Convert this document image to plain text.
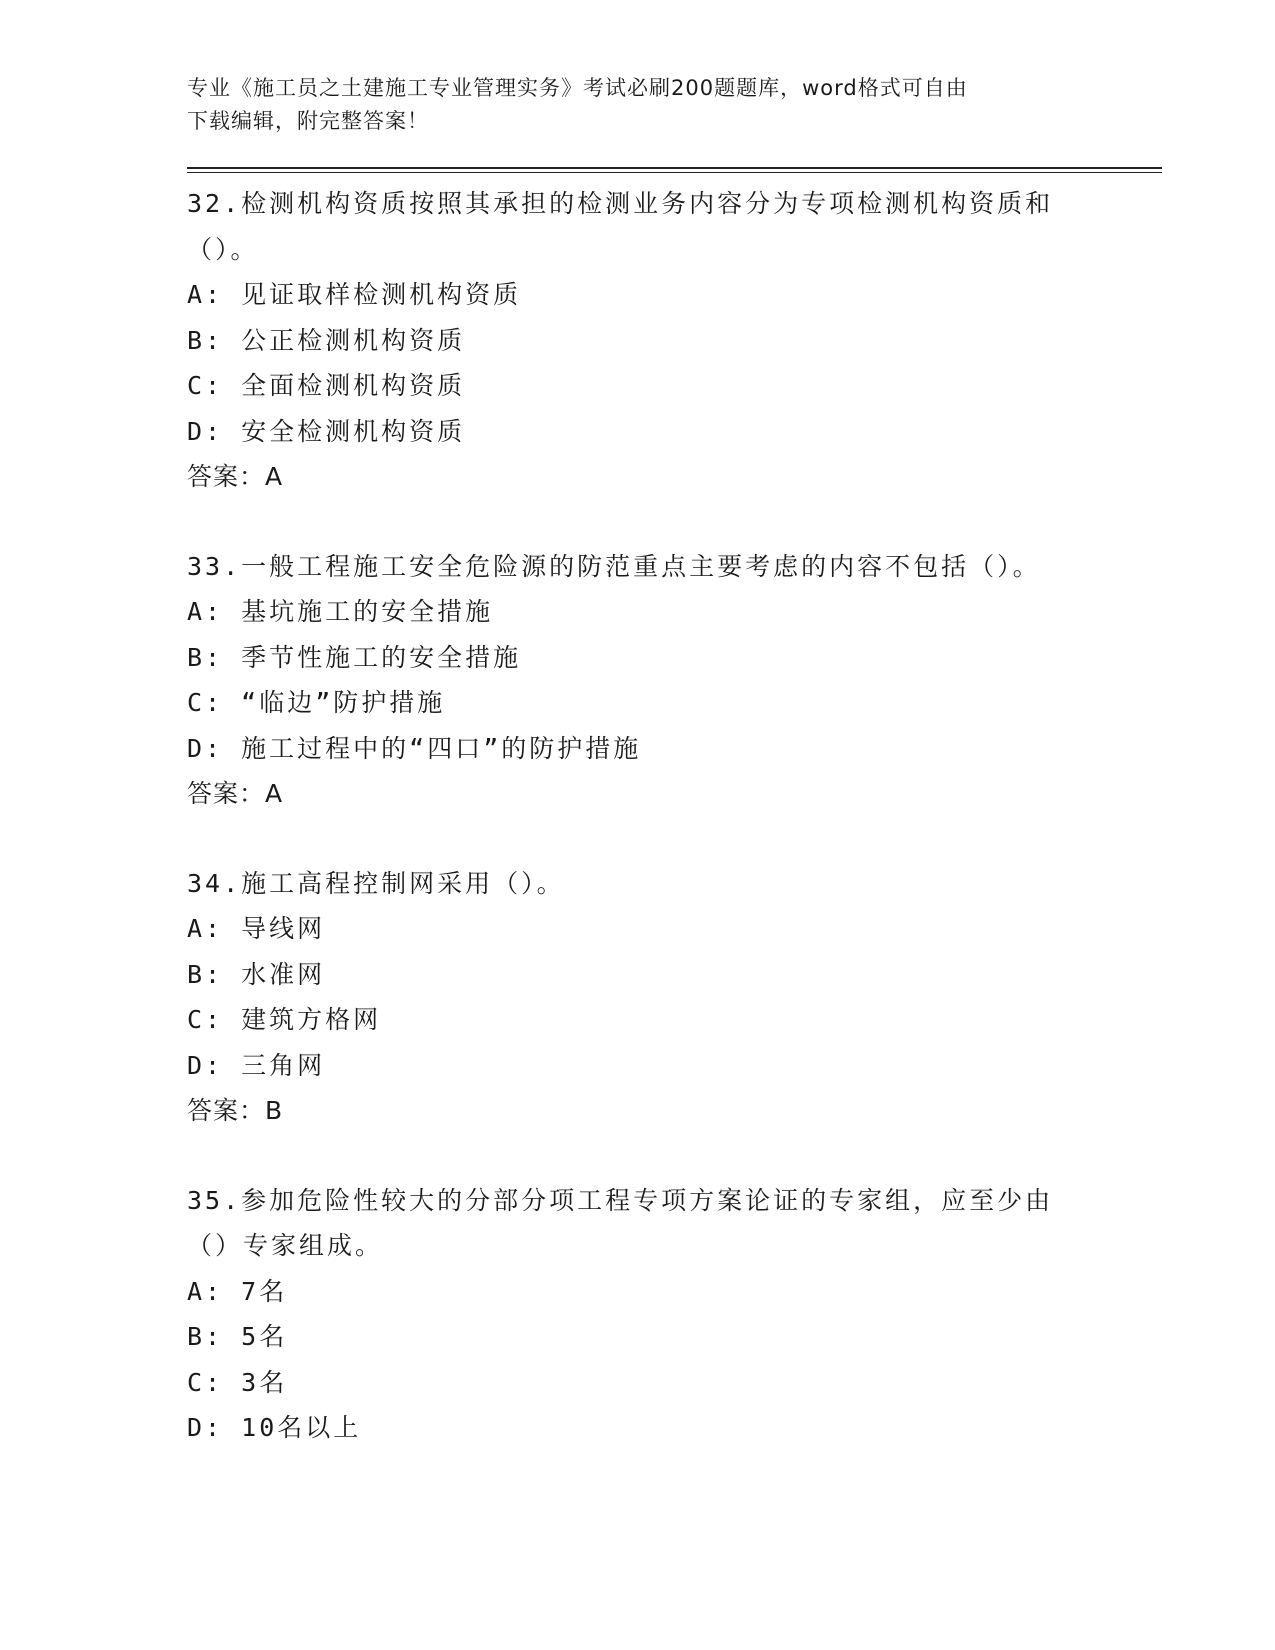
专业《施工员之土建施工专业管理实务》考试必刷200题题库，word格式可自由
下载编辑，附完整答案！

32.检测机构资质按照其承担的检测业务内容分为专项检测机构资质和
（）。

A: 见证取样检测机构资质

B: 公正检测机构资质

C: 全面检测机构资质

D: 安全检测机构资质

答案：A

33.一般工程施工安全危险源的防范重点主要考虑的内容不包括（）。

A: 基坑施工的安全措施

B: 季节性施工的安全措施

C: “临边”防护措施

D: 施工过程中的“四口”的防护措施

答案：A

34.施工高程控制网采用（）。

A: 导线网

B: 水准网

C: 建筑方格网

D: 三角网

答案：B

35.参加危险性较大的分部分项工程专项方案论证的专家组，应至少由
（）专家组成。

A: 7名

B: 5名

C: 3名

D: 10名以上
